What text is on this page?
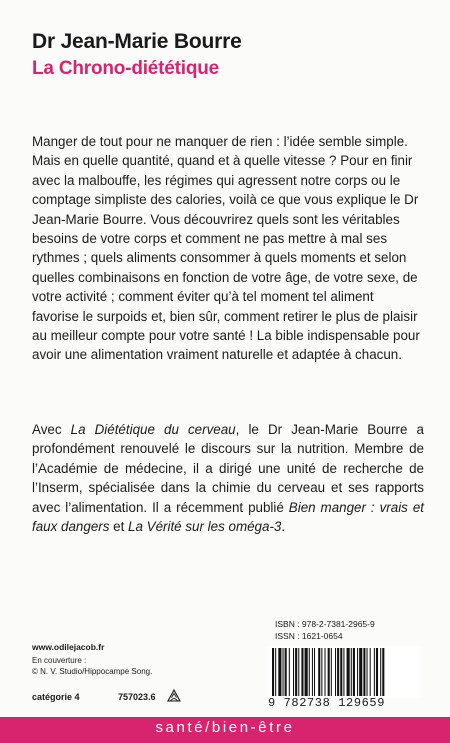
Dr Jean-Marie Bourre
La Chrono-diététique

Manger de tout pour ne manquer de rien : l’idée semble simple. Mais en quelle quantité, quand et à quelle vitesse ? Pour en finir avec la malbouffe, les régimes qui agressent notre corps ou le comptage simpliste des calories, voilà ce que vous explique le Dr Jean-Marie Bourre. Vous découvrirez quels sont les véritables besoins de votre corps et comment ne pas mettre à mal ses rythmes ; quels aliments consommer à quels moments et selon quelles combinaisons en fonction de votre âge, de votre sexe, de votre activité ; comment éviter qu’à tel moment tel aliment favorise le surpoids et, bien sûr, comment retirer le plus de plaisir au meilleur compte pour votre santé ! La bible indispensable pour avoir une alimentation vraiment naturelle et adaptée à chacun.

Avec La Diététique du cerveau, le Dr Jean-Marie Bourre a profondément renouvelé le discours sur la nutrition. Membre de l’Académie de médecine, il a dirigé une unité de recherche de l’Inserm, spécialisée dans la chimie du cerveau et ses rapports avec l’alimentation. Il a récemment publié Bien manger : vrais et faux dangers et La Vérité sur les oméga-3.

ISBN : 978-2-7381-2965-9
ISSN : 1621-0654
www.odilejacob.fr
En couverture :
© N. V. Studio/Hippocampe Song.
catégorie 4	757023.6	9 782738 129659
santé/bien-être
